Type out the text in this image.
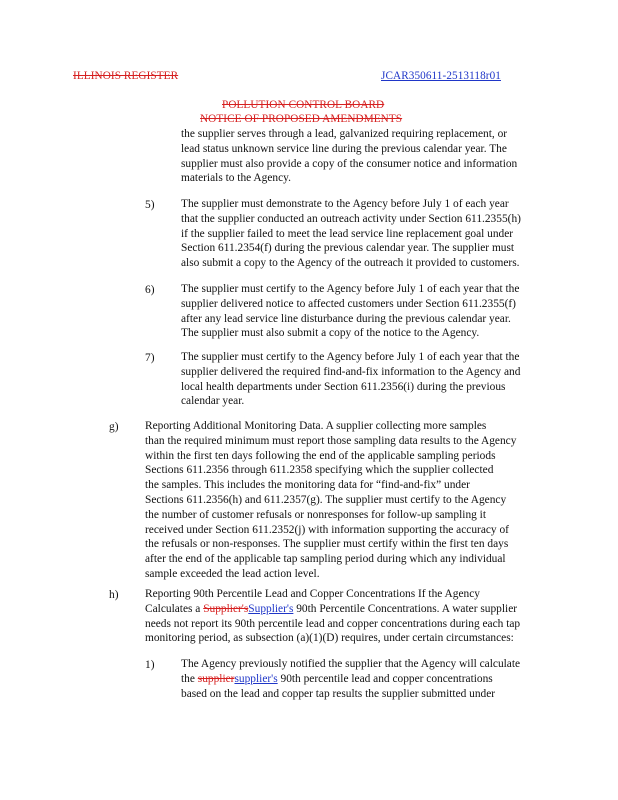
ILLINOIS REGISTER	JCAR350611-2513118r01
POLLUTION CONTROL BOARD
NOTICE OF PROPOSED AMENDMENTS
the supplier serves through a lead, galvanized requiring replacement, or
lead status unknown service line during the previous calendar year. The
supplier must also provide a copy of the consumer notice and information
materials to the Agency.
5) The supplier must demonstrate to the Agency before July 1 of each year
that the supplier conducted an outreach activity under Section 611.2355(h)
if the supplier failed to meet the lead service line replacement goal under
Section 611.2354(f) during the previous calendar year. The supplier must
also submit a copy to the Agency of the outreach it provided to customers.
6) The supplier must certify to the Agency before July 1 of each year that the
supplier delivered notice to affected customers under Section 611.2355(f)
after any lead service line disturbance during the previous calendar year.
The supplier must also submit a copy of the notice to the Agency.
7) The supplier must certify to the Agency before July 1 of each year that the
supplier delivered the required find-and-fix information to the Agency and
local health departments under Section 611.2356(i) during the previous
calendar year.
g) Reporting Additional Monitoring Data. A supplier collecting more samples
than the required minimum must report those sampling data results to the Agency
within the first ten days following the end of the applicable sampling periods
Sections 611.2356 through 611.2358 specifying which the supplier collected
the samples. This includes the monitoring data for “find-and-fix” under
Sections 611.2356(h) and 611.2357(g). The supplier must certify to the Agency
the number of customer refusals or nonresponses for follow-up sampling it
received under Section 611.2352(j) with information supporting the accuracy of
the refusals or non-responses. The supplier must certify within the first ten days
after the end of the applicable tap sampling period during which any individual
sample exceeded the lead action level.
h) Reporting 90th Percentile Lead and Copper Concentrations If the Agency
Calculates a Supplier'sSupplier's 90th Percentile Concentrations. A water supplier
needs not report its 90th percentile lead and copper concentrations during each tap
monitoring period, as subsection (a)(1)(D) requires, under certain circumstances:
1) The Agency previously notified the supplier that the Agency will calculate
the suppliersupplier's 90th percentile lead and copper concentrations
based on the lead and copper tap results the supplier submitted under
